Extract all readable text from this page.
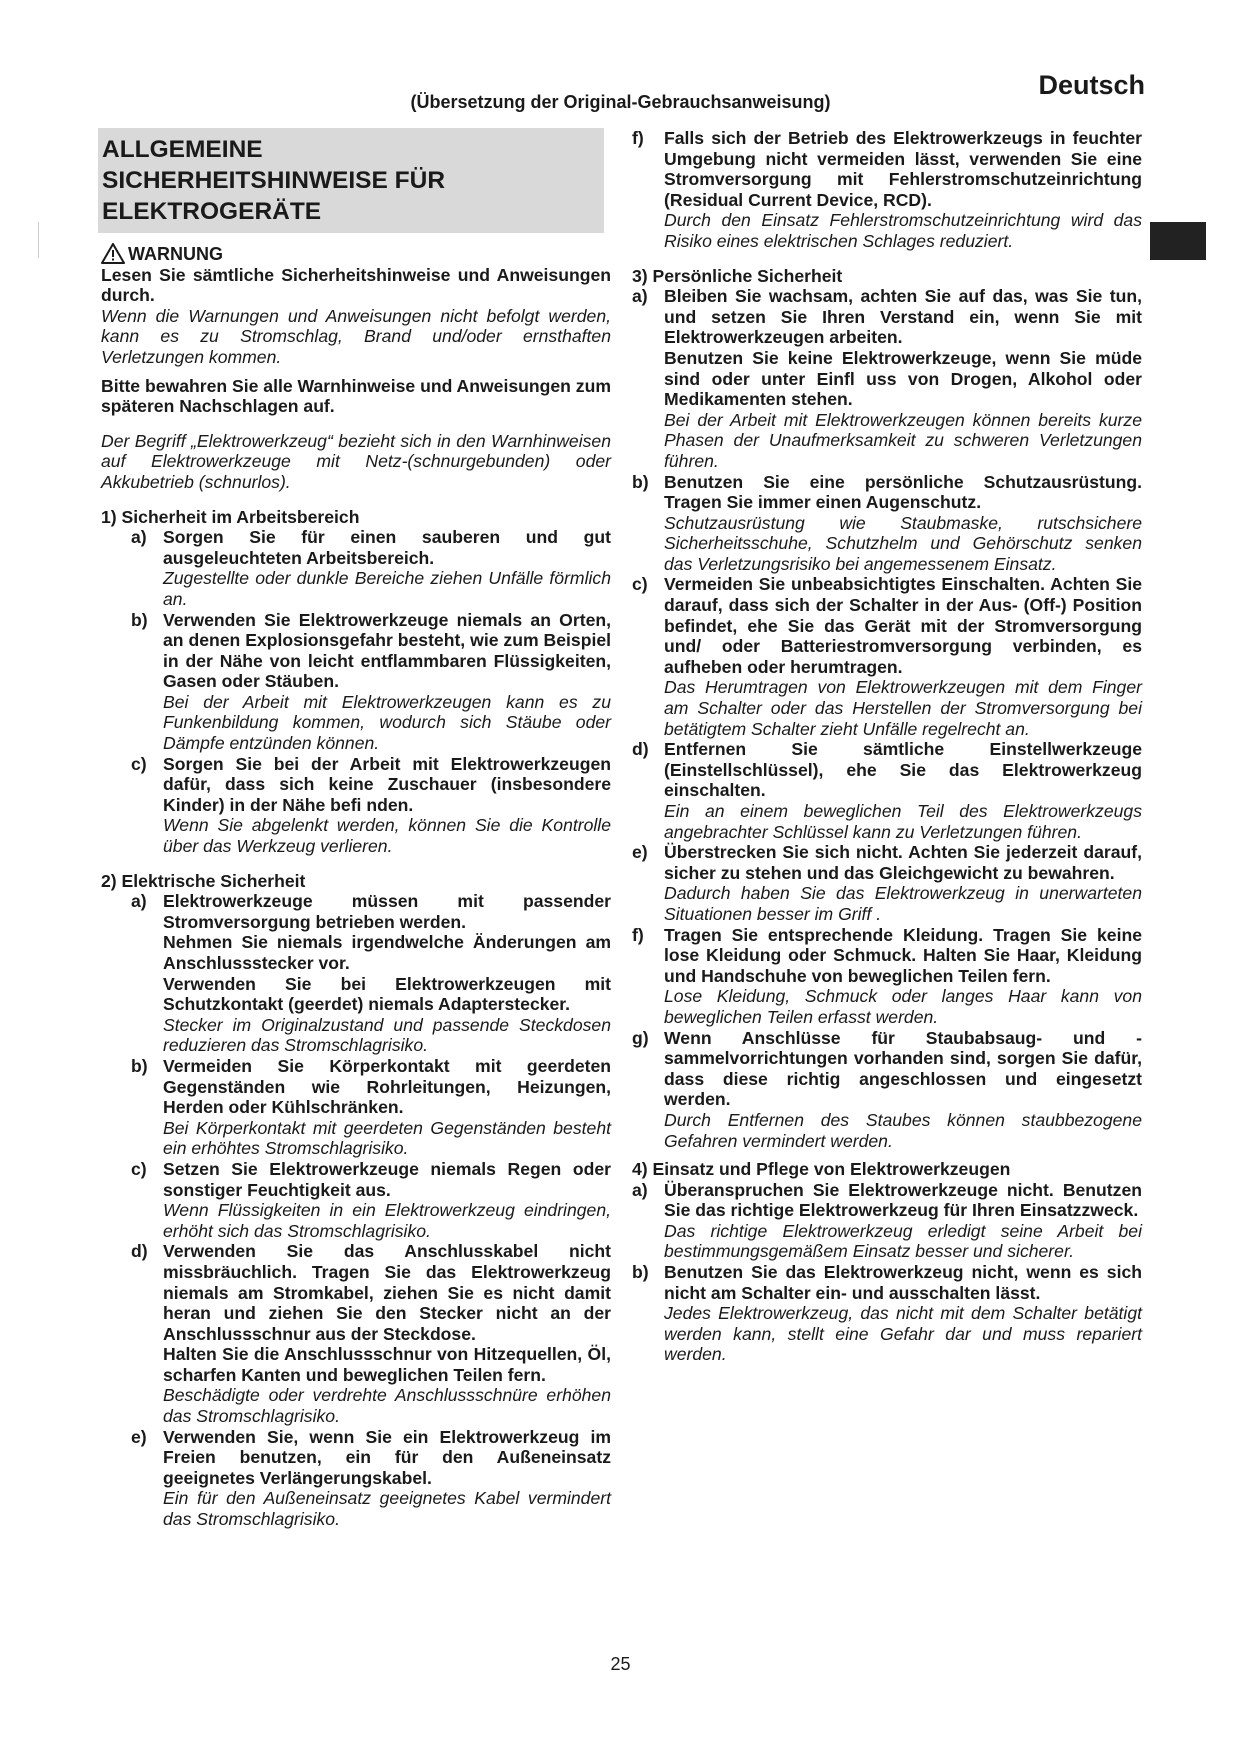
Deutsch
(Übersetzung der Original-Gebrauchsanweisung)
ALLGEMEINE
SICHERHEITSHINWEISE FÜR
ELEKTROGERÄTE
WARNUNG

Lesen Sie sämtliche Sicherheitshinweise und Anweisungen durch.

Wenn die Warnungen und Anweisungen nicht befolgt werden, kann es zu Stromschlag, Brand und/oder ernsthaften Verletzungen kommen.

Bitte bewahren Sie alle Warnhinweise und Anweisungen zum späteren Nachschlagen auf.

Der Begriff „Elektrowerkzeug“ bezieht sich in den Warnhinweisen auf Elektrowerkzeuge mit Netz-(schnurgebunden) oder Akkubetrieb (schnurlos).

1) Sicherheit im Arbeitsbereich

a) Sorgen Sie für einen sauberen und gut ausgeleuchteten Arbeitsbereich.

Zugestellte oder dunkle Bereiche ziehen Unfälle förmlich an.

b) Verwenden Sie Elektrowerkzeuge niemals an Orten, an denen Explosionsgefahr besteht, wie zum Beispiel in der Nähe von leicht entflammbaren Flüssigkeiten, Gasen oder Stäuben.

Bei der Arbeit mit Elektrowerkzeugen kann es zu Funkenbildung kommen, wodurch sich Stäube oder Dämpfe entzünden können.

c) Sorgen Sie bei der Arbeit mit Elektrowerkzeugen dafür, dass sich keine Zuschauer (insbesondere Kinder) in der Nähe befi nden.

Wenn Sie abgelenkt werden, können Sie die Kontrolle über das Werkzeug verlieren.

2) Elektrische Sicherheit

a) Elektrowerkzeuge müssen mit passender Stromversorgung betrieben werden.

Nehmen Sie niemals irgendwelche Änderungen am Anschlussstecker vor.

Verwenden Sie bei Elektrowerkzeugen mit Schutzkontakt (geerdet) niemals Adapterstecker.

Stecker im Originalzustand und passende Steckdosen reduzieren das Stromschlagrisiko.

b) Vermeiden Sie Körperkontakt mit geerdeten Gegenständen wie Rohrleitungen, Heizungen, Herden oder Kühlschränken.

Bei Körperkontakt mit geerdeten Gegenständen besteht ein erhöhtes Stromschlagrisiko.

c) Setzen Sie Elektrowerkzeuge niemals Regen oder sonstiger Feuchtigkeit aus.

Wenn Flüssigkeiten in ein Elektrowerkzeug eindringen, erhöht sich das Stromschlagrisiko.

d) Verwenden Sie das Anschlusskabel nicht missbräuchlich. Tragen Sie das Elektrowerkzeug niemals am Stromkabel, ziehen Sie es nicht damit heran und ziehen Sie den Stecker nicht an der Anschlussschnur aus der Steckdose.

Halten Sie die Anschlussschnur von Hitzequellen, Öl, scharfen Kanten und beweglichen Teilen fern.

Beschädigte oder verdrehte Anschlussschnüre erhöhen das Stromschlagrisiko.

e) Verwenden Sie, wenn Sie ein Elektrowerkzeug im Freien benutzen, ein für den Außeneinsatz geeignetes Verlängerungskabel.

Ein für den Außeneinsatz geeignetes Kabel vermindert das Stromschlagrisiko.

f)	Falls sich der Betrieb des Elektrowerkzeugs in feuchter Umgebung nicht vermeiden lässt, verwenden Sie eine Stromversorgung mit Fehlerstromschutzeinrichtung (Residual Current Device, RCD).

Durch den Einsatz Fehlerstromschutzeinrichtung wird das Risiko eines elektrischen Schlages reduziert.

3) Persönliche Sicherheit

a) Bleiben Sie wachsam, achten Sie auf das, was Sie tun, und setzen Sie Ihren Verstand ein, wenn Sie mit Elektrowerkzeugen arbeiten.

Benutzen Sie keine Elektrowerkzeuge, wenn Sie müde sind oder unter Einfl uss von Drogen, Alkohol oder Medikamenten stehen.

Bei der Arbeit mit Elektrowerkzeugen können bereits kurze Phasen der Unaufmerksamkeit zu schweren Verletzungen führen.

b) Benutzen Sie eine persönliche Schutzausrüstung. Tragen Sie immer einen Augenschutz.

Schutzausrüstung wie Staubmaske, rutschsichere Sicherheitsschuhe, Schutzhelm und Gehörschutz senken das Verletzungsrisiko bei angemessenem Einsatz.

c) Vermeiden Sie unbeabsichtigtes Einschalten. Achten Sie darauf, dass sich der Schalter in der Aus- (Off-) Position befindet, ehe Sie das Gerät mit der Stromversorgung und/ oder Batteriestromversorgung verbinden, es aufheben oder herumtragen.

Das Herumtragen von Elektrowerkzeugen mit dem Finger am Schalter oder das Herstellen der Stromversorgung bei betätigtem Schalter zieht Unfälle regelrecht an.

d) Entfernen Sie sämtliche Einstellwerkzeuge (Einstellschlüssel), ehe Sie das Elektrowerkzeug einschalten.

Ein an einem beweglichen Teil des Elektrowerkzeugs angebrachter Schlüssel kann zu Verletzungen führen.

e) Überstrecken Sie sich nicht. Achten Sie jederzeit darauf, sicher zu stehen und das Gleichgewicht zu bewahren.

Dadurch haben Sie das Elektrowerkzeug in unerwarteten Situationen besser im Griff .

f)	Tragen Sie entsprechende Kleidung. Tragen Sie keine lose Kleidung oder Schmuck. Halten Sie Haar, Kleidung und Handschuhe von beweglichen Teilen fern.

Lose Kleidung, Schmuck oder langes Haar kann von beweglichen Teilen erfasst werden.

g) Wenn Anschlüsse für Staubabsaug- und -sammelvorrichtungen vorhanden sind, sorgen Sie dafür, dass diese richtig angeschlossen und eingesetzt werden.

Durch Entfernen des Staubes können staubbezogene Gefahren vermindert werden.

4) Einsatz und Pflege von Elektrowerkzeugen

a) Überanspruchen Sie Elektrowerkzeuge nicht. Benutzen Sie das richtige Elektrowerkzeug für Ihren Einsatzzweck.

Das richtige Elektrowerkzeug erledigt seine Arbeit bei bestimmungsgemäßem Einsatz besser und sicherer.

b) Benutzen Sie das Elektrowerkzeug nicht, wenn es sich nicht am Schalter ein- und ausschalten lässt.

Jedes Elektrowerkzeug, das nicht mit dem Schalter betätigt werden kann, stellt eine Gefahr dar und muss repariert werden.

25
